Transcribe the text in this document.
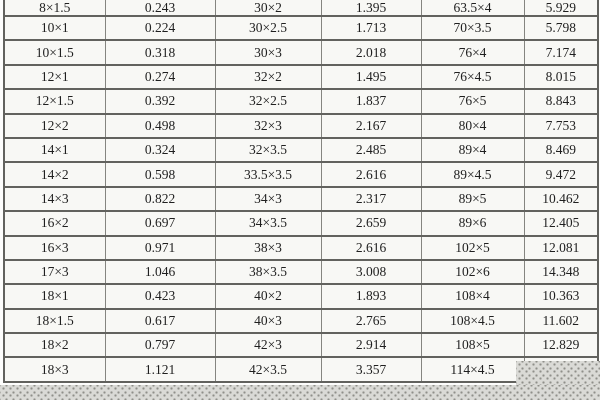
8×1.5	0.243	30×2	1.395	63.5×4	5.929
10×1	0.224	30×2.5	1.713	70×3.5	5.798
10×1.5	0.318	30×3	2.018	76×4	7.174
12×1	0.274	32×2	1.495	76×4.5	8.015
12×1.5	0.392	32×2.5	1.837	76×5	8.843
12×2	0.498	32×3	2.167	80×4	7.753
14×1	0.324	32×3.5	2.485	89×4	8.469
14×2	0.598	33.5×3.5	2.616	89×4.5	9.472
14×3	0.822	34×3	2.317	89×5	10.462
16×2	0.697	34×3.5	2.659	89×6	12.405
16×3	0.971	38×3	2.616	102×5	12.081
17×3	1.046	38×3.5	3.008	102×6	14.348
18×1	0.423	40×2	1.893	108×4	10.363
18×1.5	0.617	40×3	2.765	108×4.5	11.602
18×2	0.797	42×3	2.914	108×5	12.829
18×3	1.121	42×3.5	3.357	114×4.5	
